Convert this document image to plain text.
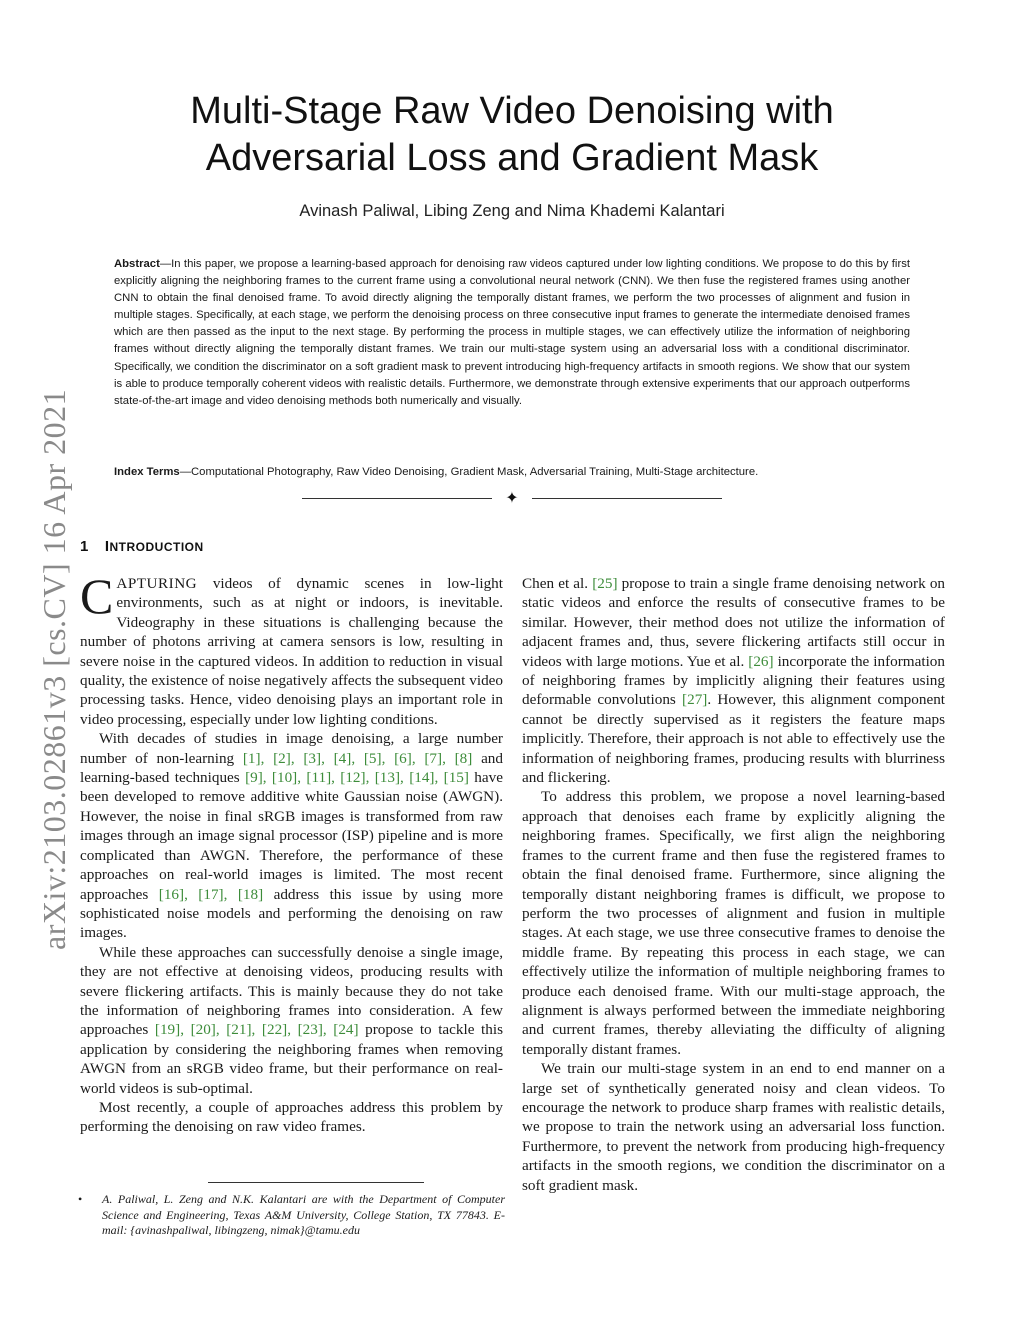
arXiv:2103.02861v3 [cs.CV] 16 Apr 2021
Multi-Stage Raw Video Denoising with Adversarial Loss and Gradient Mask
Avinash Paliwal, Libing Zeng and Nima Khademi Kalantari

Abstract—In this paper, we propose a learning-based approach for denoising raw videos captured under low lighting conditions. We propose to do this by first explicitly aligning the neighboring frames to the current frame using a convolutional neural network (CNN). We then fuse the registered frames using another CNN to obtain the final denoised frame. To avoid directly aligning the temporally distant frames, we perform the two processes of alignment and fusion in multiple stages. Specifically, at each stage, we perform the denoising process on three consecutive input frames to generate the intermediate denoised frames which are then passed as the input to the next stage. By performing the process in multiple stages, we can effectively utilize the information of neighboring frames without directly aligning the temporally distant frames. We train our multi-stage system using an adversarial loss with a conditional discriminator. Specifically, we condition the discriminator on a soft gradient mask to prevent introducing high-frequency artifacts in smooth regions. We show that our system is able to produce temporally coherent videos with realistic details. Furthermore, we demonstrate through extensive experiments that our approach outperforms state-of-the-art image and video denoising methods both numerically and visually.

Index Terms—Computational Photography, Raw Video Denoising, Gradient Mask, Adversarial Training, Multi-Stage architecture.

✦
1 INTRODUCTION

CAPTURING videos of dynamic scenes in low-light environments, such as at night or indoors, is inevitable. Videography in these situations is challenging because the number of photons arriving at camera sensors is low, resulting in severe noise in the captured videos. In addition to reduction in visual quality, the existence of noise negatively affects the subsequent video processing tasks. Hence, video denoising plays an important role in video processing, especially under low lighting conditions.

With decades of studies in image denoising, a large number number of non-learning [1], [2], [3], [4], [5], [6], [7], [8] and learning-based techniques [9], [10], [11], [12], [13], [14], [15] have been developed to remove additive white Gaussian noise (AWGN). However, the noise in final sRGB images is transformed from raw images through an image signal processor (ISP) pipeline and is more complicated than AWGN. Therefore, the performance of these approaches on real-world images is limited. The most recent approaches [16], [17], [18] address this issue by using more sophisticated noise models and performing the denoising on raw images.

While these approaches can successfully denoise a single image, they are not effective at denoising videos, producing results with severe flickering artifacts. This is mainly because they do not take the information of neighboring frames into consideration. A few approaches [19], [20], [21], [22], [23], [24] propose to tackle this application by considering the neighboring frames when removing AWGN from an sRGB video frame, but their performance on real-world videos is sub-optimal.

Most recently, a couple of approaches address this problem by performing the denoising on raw video frames.

Chen et al. [25] propose to train a single frame denoising network on static videos and enforce the results of consecutive frames to be similar. However, their method does not utilize the information of adjacent frames and, thus, severe flickering artifacts still occur in videos with large motions. Yue et al. [26] incorporate the information of neighboring frames by implicitly aligning their features using deformable convolutions [27]. However, this alignment component cannot be directly supervised as it registers the feature maps implicitly. Therefore, their approach is not able to effectively use the information of neighboring frames, producing results with blurriness and flickering.

To address this problem, we propose a novel learning-based approach that denoises each frame by explicitly aligning the neighboring frames. Specifically, we first align the neighboring frames to the current frame and then fuse the registered frames to obtain the final denoised frame. Furthermore, since aligning the temporally distant neighboring frames is difficult, we propose to perform the two processes of alignment and fusion in multiple stages. At each stage, we use three consecutive frames to denoise the middle frame. By repeating this process in each stage, we can effectively utilize the information of multiple neighboring frames to produce each denoised frame. With our multi-stage approach, the alignment is always performed between the immediate neighboring and current frames, thereby alleviating the difficulty of aligning temporally distant frames.

We train our multi-stage system in an end to end manner on a large set of synthetically generated noisy and clean videos. To encourage the network to produce sharp frames with realistic details, we propose to train the network using an adversarial loss function. Furthermore, to prevent the network from producing high-frequency artifacts in the smooth regions, we condition the discriminator on a soft gradient mask.

• A. Paliwal, L. Zeng and N.K. Kalantari are with the Department of Computer Science and Engineering, Texas A&M University, College Station, TX 77843. E-mail: {avinashpaliwal, libingzeng, nimak}@tamu.edu
